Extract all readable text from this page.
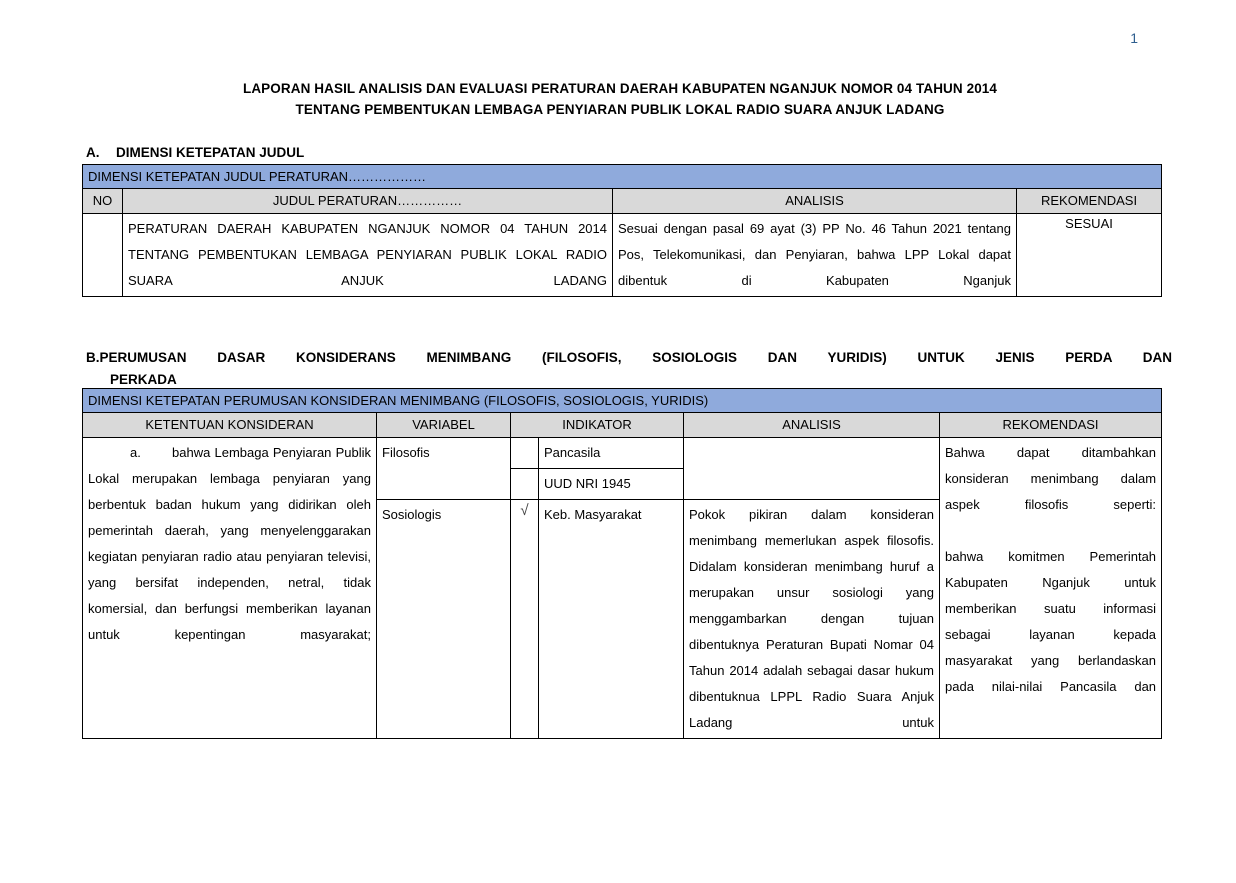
1
LAPORAN HASIL ANALISIS DAN EVALUASI PERATURAN DAERAH KABUPATEN NGANJUK NOMOR 04 TAHUN 2014
TENTANG PEMBENTUKAN LEMBAGA PENYIARAN PUBLIK LOKAL RADIO SUARA ANJUK LADANG
A. DIMENSI KETEPATAN JUDUL
DIMENSI KETEPATAN JUDUL PERATURAN………………			
NO	JUDUL PERATURAN……………	ANALISIS	REKOMENDASI
	PERATURAN DAERAH KABUPATEN NGANJUK NOMOR 04 TAHUN 2014 TENTANG PEMBENTUKAN LEMBAGA PENYIARAN PUBLIK LOKAL RADIO SUARA ANJUK LADANG	Sesuai dengan pasal 69 ayat (3) PP No. 46 Tahun 2021 tentang Pos, Telekomunikasi, dan Penyiaran, bahwa LPP Lokal dapat dibentuk di Kabupaten Nganjuk	SESUAI
B.PERUMUSAN DASAR KONSIDERANS MENIMBANG (FILOSOFIS, SOSIOLOGIS DAN YURIDIS) UNTUK JENIS PERDA DAN
PERKADA
DIMENSI KETEPATAN PERUMUSAN KONSIDERAN MENIMBANG (FILOSOFIS, SOSIOLOGIS, YURIDIS)					
KETENTUAN KONSIDERAN	VARIABEL	INDIKATOR		ANALISIS	REKOMENDASI
a. bahwa Lembaga Penyiaran Publik Lokal merupakan lembaga penyiaran yang berbentuk badan hukum yang didirikan oleh pemerintah daerah, yang menyelenggarakan kegiatan penyiaran radio atau penyiaran televisi, yang bersifat independen, netral, tidak komersial, dan berfungsi memberikan layanan untuk kepentingan masyarakat;	Filosofis		Pancasila		Bahwa dapat ditambahkan konsideran menimbang dalam aspek filosofis seperti:
bahwa komitmen Pemerintah Kabupaten Nganjuk untuk memberikan suatu informasi sebagai layanan kepada masyarakat yang berlandaskan pada nilai-nilai Pancasila dan
			UUD NRI 1945		
	Sosiologis	√	Keb. Masyarakat	Pokok pikiran dalam konsideran menimbang memerlukan aspek filosofis. Didalam konsideran menimbang huruf a merupakan unsur sosiologi yang menggambarkan dengan tujuan dibentuknya Peraturan Bupati Nomar 04 Tahun 2014 adalah sebagai dasar hukum dibentuknua LPPL Radio Suara Anjuk Ladang untuk	
